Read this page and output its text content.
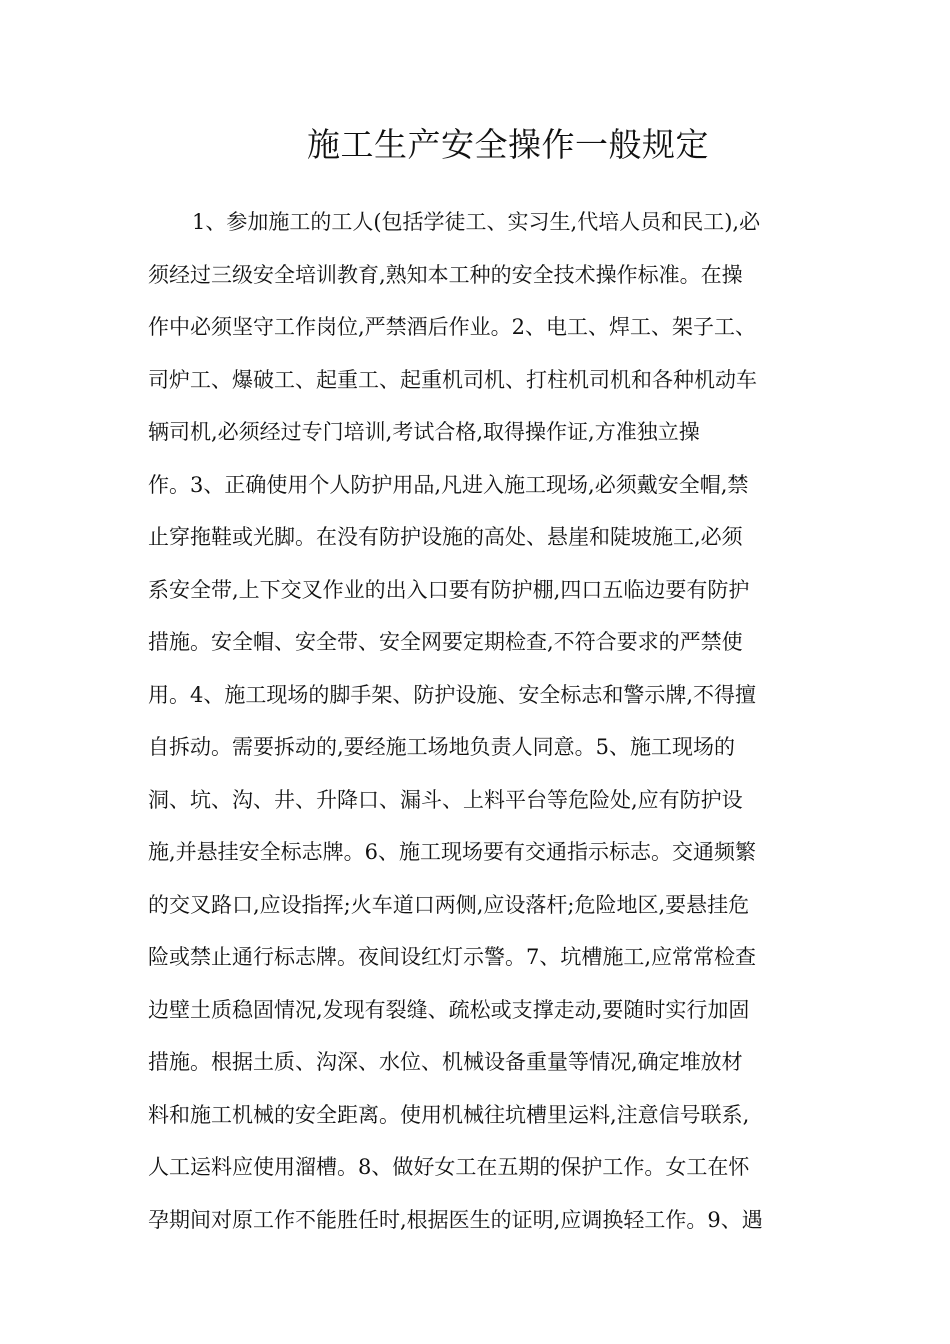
施工生产安全操作一般规定
1、参加施工的工人(包括学徒工、实习生,代培人员和民工),必
须经过三级安全培训教育,熟知本工种的安全技术操作标准。在操
作中必须坚守工作岗位,严禁酒后作业。2、电工、焊工、架子工、
司炉工、爆破工、起重工、起重机司机、打柱机司机和各种机动车
辆司机,必须经过专门培训,考试合格,取得操作证,方准独立操
作。3、正确使用个人防护用品,凡进入施工现场,必须戴安全帽,禁
止穿拖鞋或光脚。在没有防护设施的高处、悬崖和陡坡施工,必须
系安全带,上下交叉作业的出入口要有防护棚,四口五临边要有防护
措施。安全帽、安全带、安全网要定期检查,不符合要求的严禁使
用。4、施工现场的脚手架、防护设施、安全标志和警示牌,不得擅
自拆动。需要拆动的,要经施工场地负责人同意。5、施工现场的
洞、坑、沟、井、升降口、漏斗、上料平台等危险处,应有防护设
施,并悬挂安全标志牌。6、施工现场要有交通指示标志。交通频繁
的交叉路口,应设指挥;火车道口两侧,应设落杆;危险地区,要悬挂危
险或禁止通行标志牌。夜间设红灯示警。7、坑槽施工,应常常检查
边壁土质稳固情况,发现有裂缝、疏松或支撑走动,要随时实行加固
措施。根据土质、沟深、水位、机械设备重量等情况,确定堆放材
料和施工机械的安全距离。使用机械往坑槽里运料,注意信号联系,
人工运料应使用溜槽。8、做好女工在五期的保护工作。女工在怀
孕期间对原工作不能胜任时,根据医生的证明,应调换轻工作。9、遇
